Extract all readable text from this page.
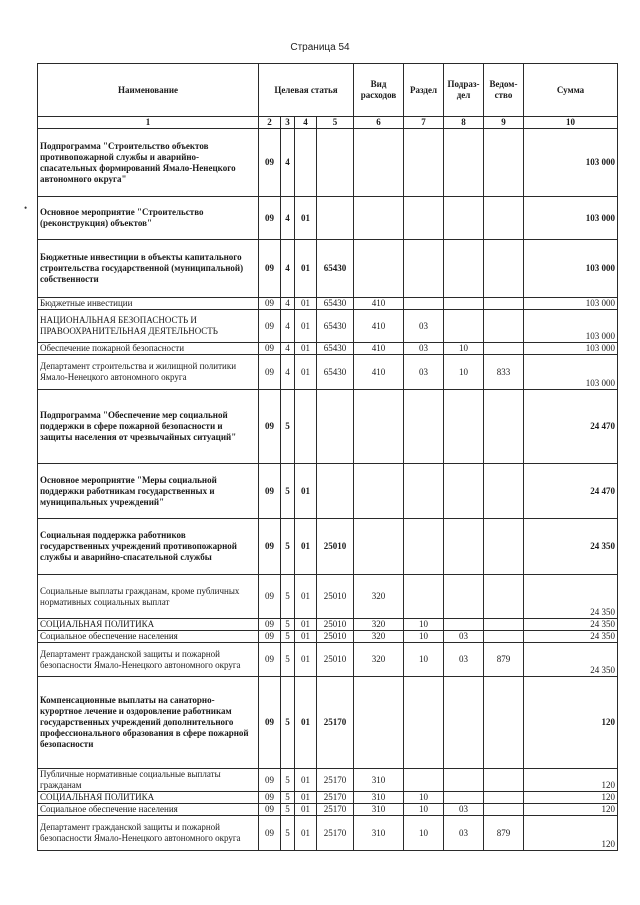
Страница 54
•
Наименование	Целевая статья				Вид расходов	Раздел	Подраз-дел	Ведом-ство	Сумма
1	2	3	4	5	6	7	8	9	10
Подпрограмма "Строительство объектов противопожарной службы и аварийно-спасательных формирований Ямало-Ненецкого автономного округа"	09	4							103 000
Основное мероприятие "Строительство (реконструкция) объектов"	09	4	01						103 000
Бюджетные инвестиции в объекты капитального строительства государственной (муниципальной) собственности	09	4	01	65430					103 000
Бюджетные инвестиции	09	4	01	65430	410				103 000
НАЦИОНАЛЬНАЯ БЕЗОПАСНОСТЬ И ПРАВООХРАНИТЕЛЬНАЯ ДЕЯТЕЛЬНОСТЬ	09	4	01	65430	410	03			103 000
Обеспечение пожарной безопасности	09	4	01	65430	410	03	10		103 000
Департамент строительства и жилищной политики Ямало-Ненецкого автономного округа	09	4	01	65430	410	03	10	833	103 000
Подпрограмма "Обеспечение мер социальной поддержки в сфере пожарной безопасности и защиты населения от чрезвычайных ситуаций"	09	5							24 470
Основное мероприятие "Меры социальной поддержки работникам государственных и муниципальных учреждений"	09	5	01						24 470
Социальная поддержка работников государственных учреждений противопожарной службы и аварийно-спасательной службы	09	5	01	25010					24 350
Социальные выплаты гражданам, кроме публичных нормативных социальных выплат	09	5	01	25010	320				24 350
СОЦИАЛЬНАЯ ПОЛИТИКА	09	5	01	25010	320	10			24 350
Социальное обеспечение населения	09	5	01	25010	320	10	03		24 350
Департамент гражданской защиты и пожарной безопасности Ямало-Ненецкого автономного округа	09	5	01	25010	320	10	03	879	24 350
Компенсационные выплаты на санаторно-курортное лечение и оздоровление работникам государственных учреждений дополнительного профессионального образования в сфере пожарной безопасности	09	5	01	25170					120
Публичные нормативные социальные выплаты гражданам	09	5	01	25170	310				120
СОЦИАЛЬНАЯ ПОЛИТИКА	09	5	01	25170	310	10			120
Социальное обеспечение населения	09	5	01	25170	310	10	03		120
Департамент гражданской защиты и пожарной безопасности Ямало-Ненецкого автономного округа	09	5	01	25170	310	10	03	879	120
